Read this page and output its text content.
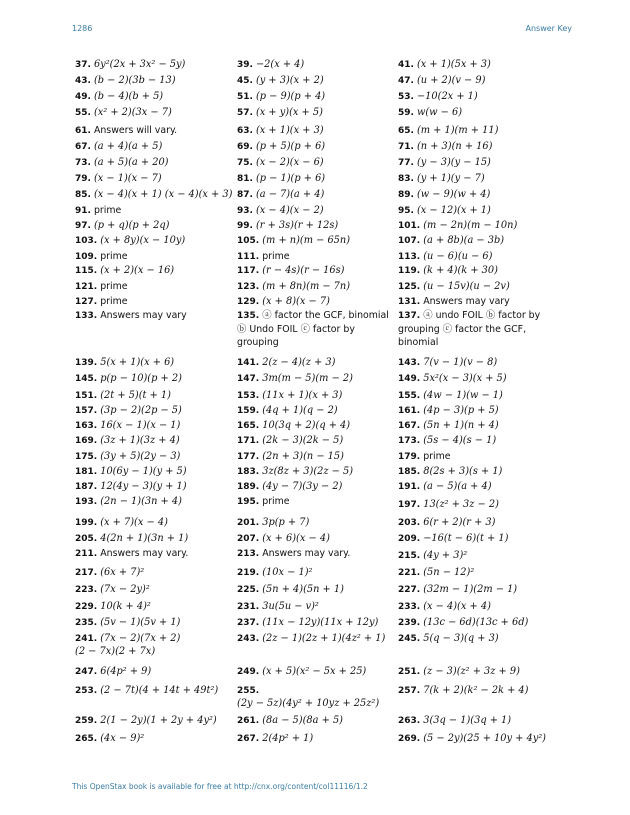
1286	Answer Key
37. 6y²(2x + 3x² − 5y)
43. (b − 2)(3b − 13)
49. (b − 4)(b + 5)
55. (x² + 2)(3x − 7)
61. Answers will vary.
67. (a + 4)(a + 5)
73. (a + 5)(a + 20)
79. (x − 1)(x − 7)
85. (x − 4)(x + 1) (x − 4)(x + 3)
91. prime
97. (p + q)(p + 2q)
103. (x + 8y)(x − 10y)
109. prime
115. (x + 2)(x − 16)
121. prime
127. prime
133. Answers may vary
139. 5(x + 1)(x + 6)
145. p(p − 10)(p + 2)
151. (2t + 5)(t + 1)
157. (3p − 2)(2p − 5)
163. 16(x − 1)(x − 1)
169. (3z + 1)(3z + 4)
175. (3y + 5)(2y − 3)
181. 10(6y − 1)(y + 5)
187. 12(4y − 3)(y + 1)
193. (2n − 1)(3n + 4)
199. (x + 7)(x − 4)
205. 4(2n + 1)(3n + 1)
211. Answers may vary.
217. (6x + 7)²
223. (7x − 2y)²
229. 10(k + 4)²
235. (5v − 1)(5v + 1)
241. (7x − 2)(7x + 2)
(2 − 7x)(2 + 7x)
247. 6(4p² + 9)
253. (2 − 7t)(4 + 14t + 49t²)
259. 2(1 − 2y)(1 + 2y + 4y²)
265. (4x − 9)²
39. −2(x + 4)
45. (y + 3)(x + 2)
51. (p − 9)(p + 4)
57. (x + y)(x + 5)
63. (x + 1)(x + 3)
69. (p + 5)(p + 6)
75. (x − 2)(x − 6)
81. (p − 1)(p + 6)
87. (a − 7)(a + 4)
93. (x − 4)(x − 2)
99. (r + 3s)(r + 12s)
105. (m + n)(m − 65n)
111. prime
117. (r − 4s)(r − 16s)
123. (m + 8n)(m − 7n)
129. (x + 8)(x − 7)
135. ⓐ factor the GCF, binomial ⓑ Undo FOIL ⓒ factor by grouping
141. 2(z − 4)(z + 3)
147. 3m(m − 5)(m − 2)
153. (11x + 1)(x + 3)
159. (4q + 1)(q − 2)
165. 10(3q + 2)(q + 4)
171. (2k − 3)(2k − 5)
177. (2n + 3)(n − 15)
183. 3z(8z + 3)(2z − 5)
189. (4y − 7)(3y − 2)
195. prime
201. 3p(p + 7)
207. (x + 6)(x − 4)
213. Answers may vary.
219. (10x − 1)²
225. (5n + 4)(5n + 1)
231. 3u(5u − v)²
237. (11x − 12y)(11x + 12y)
243. (2z − 1)(2z + 1)(4z² + 1)
249. (x + 5)(x² − 5x + 25)
255.
(2y − 5z)(4y² + 10yz + 25z²)
261. (8a − 5)(8a + 5)
267. 2(4p² + 1)
41. (x + 1)(5x + 3)
47. (u + 2)(v − 9)
53. −10(2x + 1)
59. w(w − 6)
65. (m + 1)(m + 11)
71. (n + 3)(n + 16)
77. (y − 3)(y − 15)
83. (y + 1)(y − 7)
89. (w − 9)(w + 4)
95. (x − 12)(x + 1)
101. (m − 2n)(m − 10n)
107. (a + 8b)(a − 3b)
113. (u − 6)(u − 6)
119. (k + 4)(k + 30)
125. (u − 15v)(u − 2v)
131. Answers may vary
137. ⓐ undo FOIL ⓑ factor by grouping ⓒ factor the GCF, binomial
143. 7(v − 1)(v − 8)
149. 5x²(x − 3)(x + 5)
155. (4w − 1)(w − 1)
161. (4p − 3)(p + 5)
167. (5n + 1)(n + 4)
173. (5s − 4)(s − 1)
179. prime
185. 8(2s + 3)(s + 1)
191. (a − 5)(a + 4)
197. 13(z² + 3z − 2)
203. 6(r + 2)(r + 3)
209. −16(t − 6)(t + 1)
215. (4y + 3)²
221. (5n − 12)²
227. (32m − 1)(2m − 1)
233. (x − 4)(x + 4)
239. (13c − 6d)(13c + 6d)
245. 5(q − 3)(q + 3)
251. (z − 3)(z² + 3z + 9)
257. 7(k + 2)(k² − 2k + 4)
263. 3(3q − 1)(3q + 1)
269. (5 − 2y)(25 + 10y + 4y²)
This OpenStax book is available for free at http://cnx.org/content/col11116/1.2
